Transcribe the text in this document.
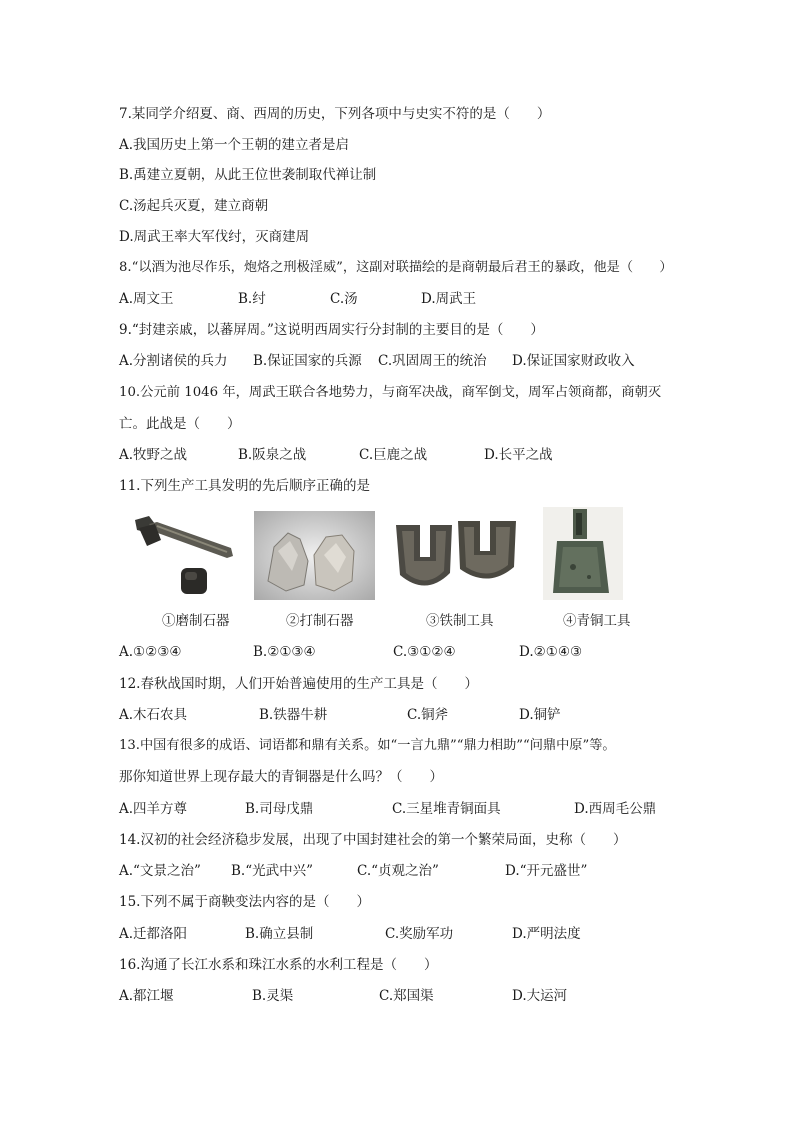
7.某同学介绍夏、商、西周的历史，下列各项中与史实不符的是（　　）
A.我国历史上第一个王朝的建立者是启
B.禹建立夏朝，从此王位世袭制取代禅让制
C.汤起兵灭夏，建立商朝
D.周武王率大军伐纣，灭商建周
8.“以酒为池尽作乐，炮烙之刑极淫威”，这副对联描绘的是商朝最后君王的暴政，他是（　　）
A.周文王	B.纣	C.汤	D.周武王
9.“封建亲戚，以蕃屏周。”这说明西周实行分封制的主要目的是（　　）
A.分割诸侯的兵力 B.保证国家的兵源 C.巩固周王的统治 D.保证国家财政收入
10.公元前 1046 年，周武王联合各地势力，与商军决战，商军倒戈，周军占领商都，商朝灭
亡。此战是（　　）
A.牧野之战	B.阪泉之战	C.巨鹿之战	D.长平之战
11.下列生产工具发明的先后顺序正确的是
①磨制石器	②打制石器	③铁制工具	④青铜工具
A.①②③④	B.②①③④	C.③①②④	D.②①④③
12.春秋战国时期，人们开始普遍使用的生产工具是（　　）
A.木石农具	B.铁器牛耕	C.铜斧	D.铜铲
13.中国有很多的成语、词语都和鼎有关系。如“一言九鼎”“鼎力相助”“问鼎中原”等。
那你知道世界上现存最大的青铜器是什么吗？（　　）
A.四羊方尊	B.司母戊鼎	C.三星堆青铜面具	D.西周毛公鼎
14.汉初的社会经济稳步发展，出现了中国封建社会的第一个繁荣局面，史称（　　）
A.“文景之治” B.“光武中兴”	C.“贞观之治”	D.“开元盛世”
15.下列不属于商鞅变法内容的是（　　）
A.迁都洛阳	B.确立县制	C.奖励军功	D.严明法度
16.沟通了长江水系和珠江水系的水利工程是（　　）
A.都江堰	B.灵渠	C.郑国渠	D.大运河
